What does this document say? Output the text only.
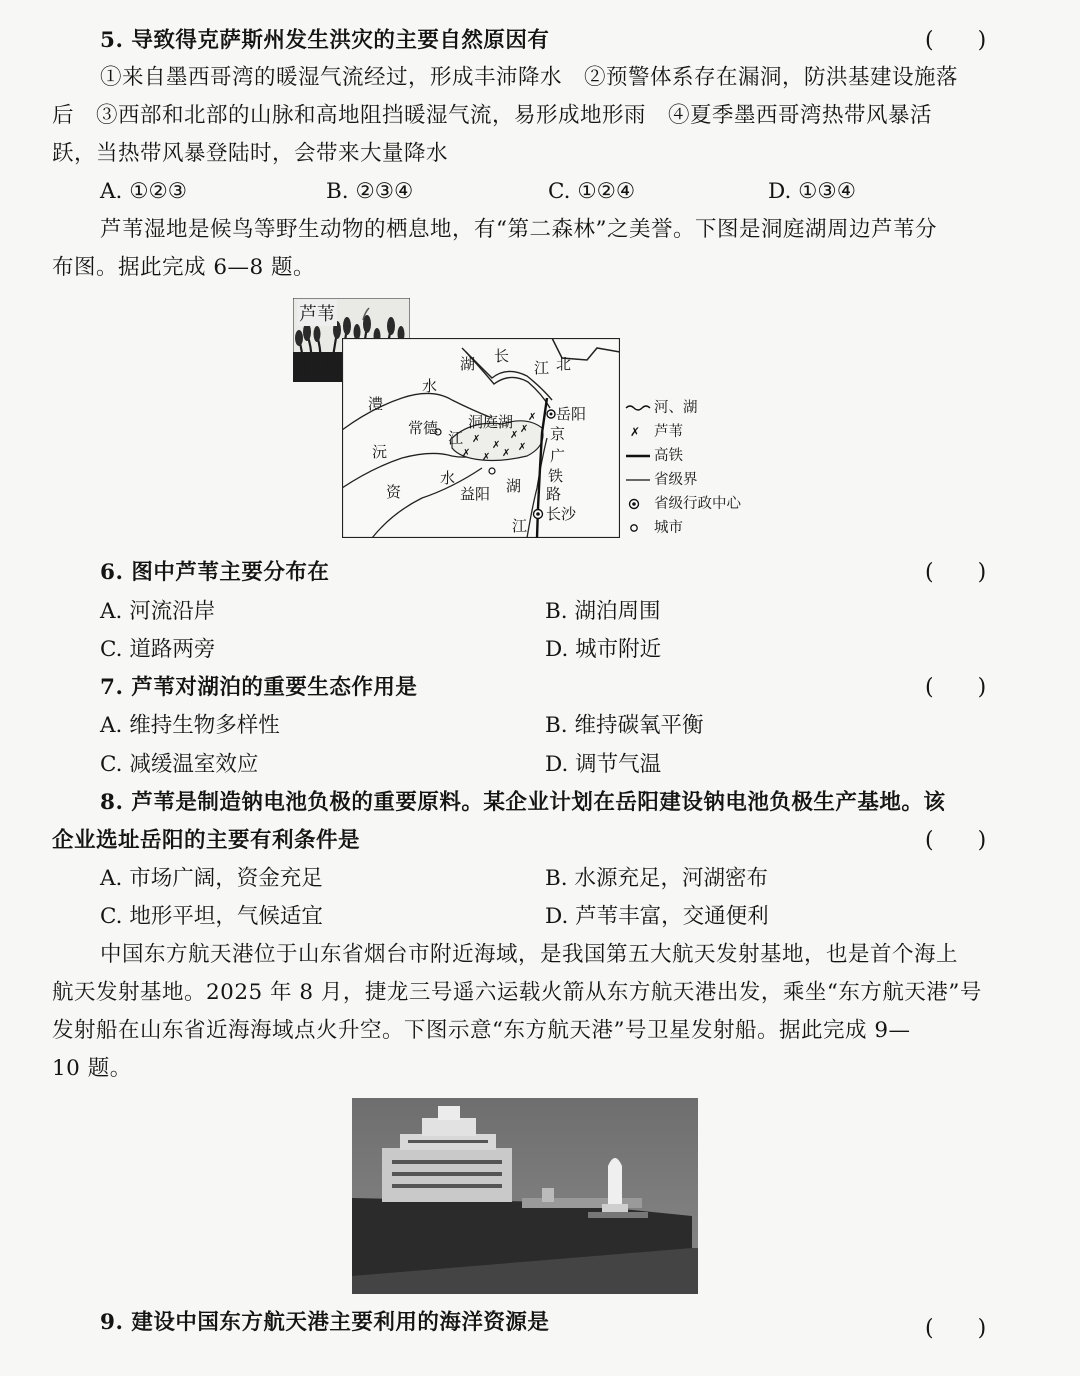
5. 导致得克萨斯州发生洪灾的主要自然原因有	(　　)
①来自墨西哥湾的暖湿气流经过，形成丰沛降水　②预警体系存在漏洞，防洪基建设施落
后　③西部和北部的山脉和高地阻挡暖湿气流，易形成地形雨　④夏季墨西哥湾热带风暴活
跃，当热带风暴登陆时，会带来大量降水
A. ①②③	B. ②③④	C. ①②④	D. ①③④
芦苇湿地是候鸟等野生动物的栖息地，有“第二森林”之美誉。下图是洞庭湖周边芦苇分
布图。据此完成 6—8 题。
芦苇
✗
✗
✗
✗
✗
✗ ✗ ✗
✗
湖 长
江 北
水
澧
常德
江
洞庭湖	岳阳
京
广
铁
路
沅
水
益阳 湖
资
江
长沙
✗
河、湖
芦苇
高铁
省级界
省级行政中心
城市
6. 图中芦苇主要分布在	(　　)
A. 河流沿岸	B. 湖泊周围
C. 道路两旁	D. 城市附近
7. 芦苇对湖泊的重要生态作用是	(　　)
A. 维持生物多样性	B. 维持碳氧平衡
C. 减缓温室效应	D. 调节气温
8. 芦苇是制造钠电池负极的重要原料。某企业计划在岳阳建设钠电池负极生产基地。该
企业选址岳阳的主要有利条件是	(　　)
A. 市场广阔，资金充足	B. 水源充足，河湖密布
C. 地形平坦，气候适宜	D. 芦苇丰富，交通便利
中国东方航天港位于山东省烟台市附近海域，是我国第五大航天发射基地，也是首个海上
航天发射基地。2025 年 8 月，捷龙三号遥六运载火箭从东方航天港出发，乘坐“东方航天港”号
发射船在山东省近海海域点火升空。下图示意“东方航天港”号卫星发射船。据此完成 9—
10 题。
9. 建设中国东方航天港主要利用的海洋资源是	(　　)
